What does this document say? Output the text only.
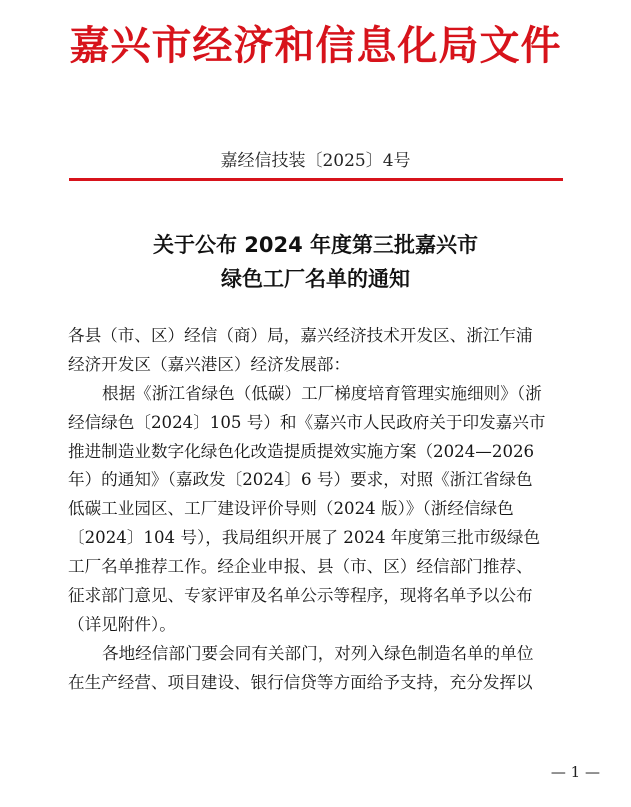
嘉兴市经济和信息化局文件
嘉经信技装〔2025〕4号
关于公布 2024 年度第三批嘉兴市
绿色工厂名单的通知
各县（市、区）经信（商）局，嘉兴经济技术开发区、浙江乍浦
经济开发区（嘉兴港区）经济发展部：
根据《浙江省绿色（低碳）工厂梯度培育管理实施细则》（浙
经信绿色〔2024〕105 号）和《嘉兴市人民政府关于印发嘉兴市
推进制造业数字化绿色化改造提质提效实施方案（2024—2026
年）的通知》（嘉政发〔2024〕6 号）要求，对照《浙江省绿色
低碳工业园区、工厂建设评价导则（2024 版）》（浙经信绿色
〔2024〕104 号），我局组织开展了 2024 年度第三批市级绿色
工厂名单推荐工作。经企业申报、县（市、区）经信部门推荐、
征求部门意见、专家评审及名单公示等程序，现将名单予以公布
（详见附件）。
各地经信部门要会同有关部门，对列入绿色制造名单的单位
在生产经营、项目建设、银行信贷等方面给予支持，充分发挥以
— 1 —
